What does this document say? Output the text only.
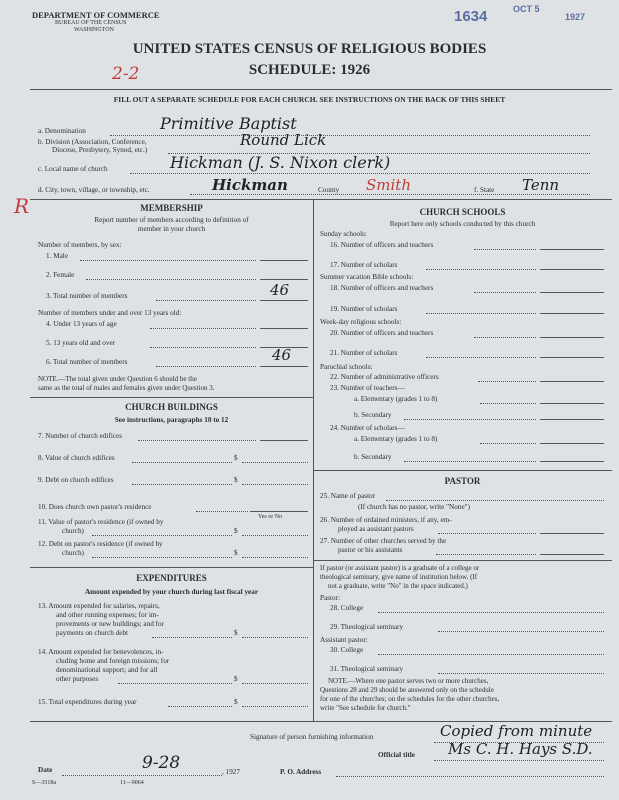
DEPARTMENT OF COMMERCE
BUREAU OF THE CENSUS
WASHINGTON
1634	OCT 5
1927
UNITED STATES CENSUS OF RELIGIOUS BODIES
SCHEDULE: 1926
2-2
FILL OUT A SEPARATE SCHEDULE FOR EACH CHURCH. SEE INSTRUCTIONS ON THE BACK OF THIS SHEET
a. Denomination	Primitive Baptist
b. Division (Association, Conference,
Diocese, Presbytery, Synod, etc.)
Round Lick
c. Local name of church	Hickman (J. S. Nixon clerk)
d. City, town, village, or township, etc.	Hickman	County Smith	f. State Tenn
R	MEMBERSHIP
Report number of members according to definition of
member in your church
Number of members, by sex:
1. Male
2. Female
3. Total number of members	46
Number of members under and over 13 years old:
4. Under 13 years of age
5. 13 years old and over
6. Total number of members	46
NOTE.—The total given under Question 6 should be the
same as the total of males and females given under Question 3.
CHURCH BUILDINGS
See instructions, paragraphs 10 to 12
7. Number of church edifices
8. Value of church edifices	$
9. Debt on church edifices	$
10. Does church own pastor's residence
Yes or No
11. Value of pastor's residence (if owned by
church)	$
12. Debt on pastor's residence (if owned by
church)	$
EXPENDITURES
Amount expended by your church during last fiscal year
13. Amount expended for salaries, repairs,
and other running expenses; for im-
provements or new buildings; and for
payments on church debt	$
14. Amount expended for benevolences, in-
cluding home and foreign missions; for
denominational support; and for all
other purposes	$
15. Total expenditures during year	$
CHURCH SCHOOLS
Report here only schools conducted by this church
Sunday schools:
16. Number of officers and teachers
17. Number of scholars
Summer vacation Bible schools:
18. Number of officers and teachers
19. Number of scholars
Week-day religious schools:
20. Number of officers and teachers
21. Number of scholars
Parochial schools:
22. Number of administrative officers
23. Number of teachers—
a. Elementary (grades 1 to 8)
b. Secondary
24. Number of scholars—
a. Elementary (grades 1 to 8)
b. Secondary
PASTOR
25. Name of pastor
(If church has no pastor, write "None")
26. Number of ordained ministers, if any, em-
ployed as assistant pastors
27. Number of other churches served by the
pastor or his assistants
If pastor (or assistant pastor) is a graduate of a college or
theological seminary, give name of institution below. (If
not a graduate, write "No" in the space indicated.)
Pastor:
28. College
29. Theological seminary
Assistant pastor:
30. College
31. Theological seminary
NOTE.—Where one pastor serves two or more churches,
Questions 28 and 29 should be answered only on the schedule
for one of the churches; on the schedules for the other churches,
write "See schedule for church."
Signature of person furnishing information	Copied from minute
Official title Ms C. H. Hays S.D.
Date	9-28	, 1927	P. O. Address
S—3518a	11—9064
